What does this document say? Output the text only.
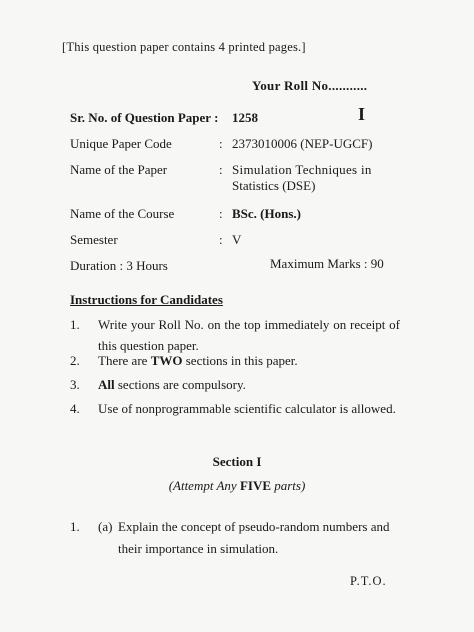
[This question paper contains 4 printed pages.]
Your Roll No...........
Sr. No. of Question Paper : 1258	I
Unique Paper Code	: 2373010006 (NEP-UGCF)
Name of the Paper	: Simulation Techniques in
Statistics (DSE)
Name of the Course	: BSc. (Hons.)
Semester	: V
Duration : 3 Hours	Maximum Marks : 90
Instructions for Candidates
1. Write your Roll No. on the top immediately on receipt of this question paper.
2. There are TWO sections in this paper.
3. All sections are compulsory.
4. Use of nonprogrammable scientific calculator is allowed.
Section I
(Attempt Any FIVE parts)
1. (a) Explain the concept of pseudo-random numbers and their importance in simulation.
P.T.O.
